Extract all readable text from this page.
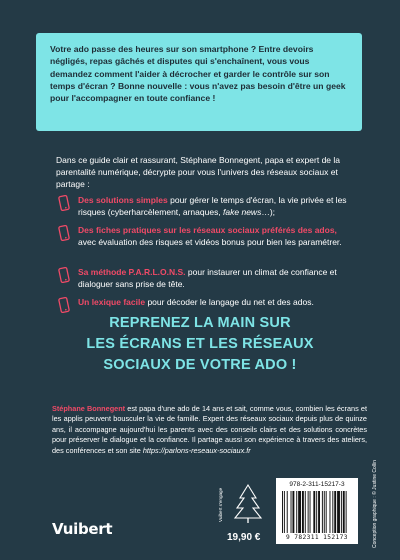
Votre ado passe des heures sur son smartphone ? Entre devoirs négligés, repas gâchés et disputes qui s'enchaînent, vous vous demandez comment l'aider à décrocher et garder le contrôle sur son temps d'écran ? Bonne nouvelle : vous n'avez pas besoin d'être un geek pour l'accompagner en toute confiance !

Dans ce guide clair et rassurant, Stéphane Bonnegent, papa et expert de la parentalité numérique, décrypte pour vous l'univers des réseaux sociaux et partage :

Des solutions simples pour gérer le temps d'écran, la vie privée et les risques (cyberharcèlement, arnaques, fake news…);

Des fiches pratiques sur les réseaux sociaux préférés des ados, avec évaluation des risques et vidéos bonus pour bien les paramétrer.

Sa méthode P.A.R.L.O.N.S. pour instaurer un climat de confiance et dialoguer sans prise de tête.

Un lexique facile pour décoder le langage du net et des ados.

REPRENEZ LA MAIN SUR
LES ÉCRANS ET LES RÉSEAUX
SOCIAUX DE VOTRE ADO !

Stéphane Bonnegent est papa d'une ado de 14 ans et sait, comme vous, combien les écrans et les applis peuvent bousculer la vie de famille. Expert des réseaux sociaux depuis plus de quinze ans, il accompagne aujourd'hui les parents avec des conseils clairs et des solutions concrètes pour préserver le dialogue et la confiance. Il partage aussi son expérience à travers des ateliers, des conférences et son site https://parlons-reseaux-sociaux.fr

Vuibert
Vuibert s'engage
19,90 €
978-2-311-15217-3
9 782311 152173	Conception graphique : © Justine Collin
